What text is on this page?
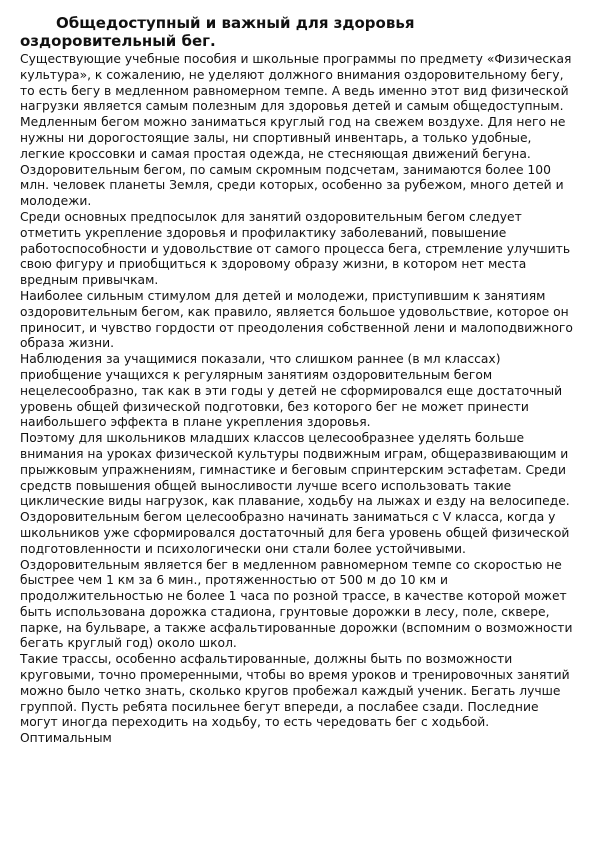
Общедоступный и важный для здоровья
оздоровительный бег.

Существующие учебные пособия и школьные программы по предмету «Физическая культура», к сожалению, не уделяют должного внимания оздоровительному бегу, то есть бегу в медленном равномерном темпе. А ведь именно этот вид физической нагрузки является самым полезным для здоровья детей и самым общедоступным. Медленным бегом можно заниматься круглый год на свежем воздухе. Для него не нужны ни дорогостоящие залы, ни спортивный инвентарь, а только удобные, легкие кроссовки и самая простая одежда, не стесняющая движений бегуна.

Оздоровительным бегом, по самым скромным подсчетам, занимаются более 100 млн. человек планеты Земля, среди которых, особенно за рубежом, много детей и молодежи.

Среди основных предпосылок для занятий оздоровительным бегом следует отметить укрепление здоровья и профилактику заболеваний, повышение работоспособности и удовольствие от самого процесса бега, стремление улучшить свою фигуру и приобщиться к здоровому образу жизни, в котором нет места вредным привычкам.

Наиболее сильным стимулом для детей и молодежи, приступившим к занятиям оздоровительным бегом, как правило, является большое удовольствие, которое он приносит, и чувство гордости от преодоления собственной лени и малоподвижного образа жизни.

Наблюдения за учащимися показали, что слишком раннее (в мл классах) приобщение учащихся к регулярным занятиям оздоровительным бегом нецелесообразно, так как в эти годы у детей не сформировался еще достаточный уровень общей физической подготовки, без которого бег не может принести наибольшего эффекта в плане укрепления здоровья.

Поэтому для школьников младших классов целесообразнее уделять больше внимания на уроках физической культуры подвижным играм, общеразвивающим и прыжковым упражнениям, гимнастике и беговым спринтерским эстафетам. Среди средств повышения общей выносливости лучше всего использовать такие циклические виды нагрузок, как плавание, ходьбу на лыжах и езду на велосипеде.

Оздоровительным бегом целесообразно начинать заниматься с V класса, когда у школьников уже сформировался достаточный для бега уровень общей физической подготовленности и психологически они стали более устойчивыми.

Оздоровительным является бег в медленном равномерном темпе со скоростью не быстрее чем 1 км за 6 мин., протяженностью от 500 м до 10 км и продолжительностью не более 1 часа по розной трассе, в качестве которой может быть использована дорожка стадиона, грунтовые дорожки в лесу, поле, сквере, парке, на бульваре, а также асфальтированные дорожки (вспомним о возможности бегать круглый год) около школ.

Такие трассы, особенно асфальтированные, должны быть по возможности круговыми, точно промеренными, чтобы во время уроков и тренировочных занятий можно было четко знать, сколько кругов пробежал каждый ученик. Бегать лучше группой. Пусть ребята посильнее бегут впереди, а послабее сзади. Последние могут иногда переходить на ходьбу, то есть чередовать бег с ходьбой. Оптимальным
